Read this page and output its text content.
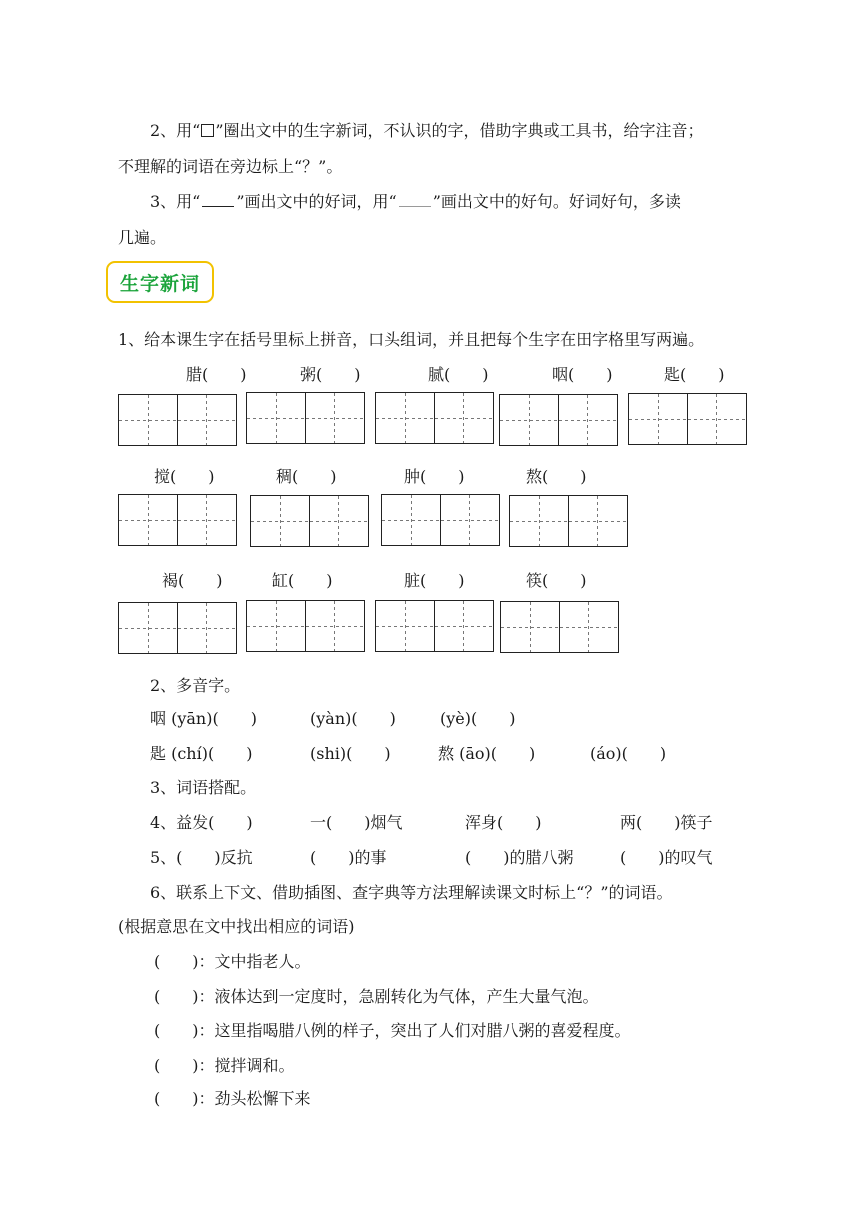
2、用“ ”圈出文中的生字新词，不认识的字，借助字典或工具书，给字注音；
不理解的词语在旁边标上“？”。
3、用“ ”画出文中的好词，用“ ”画出文中的好句。好词好句，多读
几遍。
生字新词
1、给本课生字在括号里标上拼音，口头组词，并且把每个生字在田字格里写两遍。
腊(　　)	粥(　　)	腻(　　)	咽(　　)	匙(　　)
搅(　　)	稠(　　)	肿(　　)	熬(　　)
褐(　　)	缸(　　)	脏(　　)	筷(　　)
2、多音字。
咽 (yān)(　　)	(yàn)(　　)	(yè)(　　)
匙 (chí)(　　)	(shi)(　　)	熬 (āo)(　　)	(áo)(　　)
3、词语搭配。
4、益发(　　)	一(　　)烟气	浑身(　　)	两(　　)筷子
5、(　　)反抗	(　　)的事	(　　)的腊八粥	(　　)的叹气
6、联系上下文、借助插图、查字典等方法理解读课文时标上“？”的词语。
(根据意思在文中找出相应的词语)
(　　)：文中指老人。
(　　)：液体达到一定度时，急剧转化为气体，产生大量气泡。
(　　)：这里指喝腊八例的样子，突出了人们对腊八粥的喜爱程度。
(　　)：搅拌调和。
(　　)：劲头松懈下来
